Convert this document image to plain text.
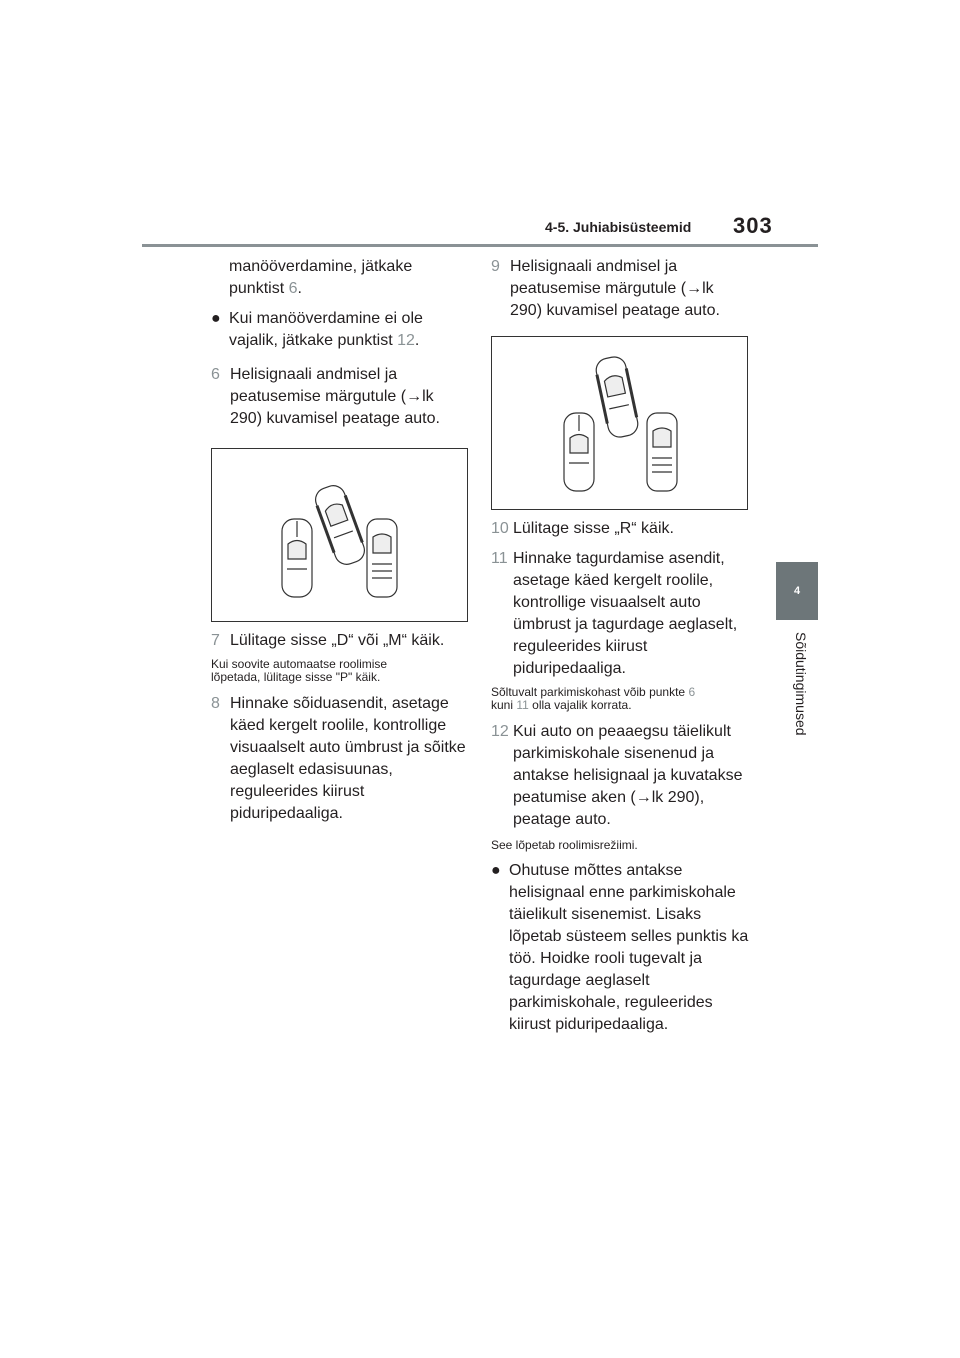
4-5. Juhiabisüsteemid 303
4
Sõidutingimused
manööverdamine, jätkake
punktist 6.
● Kui manööverdamine ei ole vajalik, jätkake punktist 12.
6 Helisignaali andmisel ja peatusemise märgutule (→lk 290) kuvamisel peatage auto.
7 Lülitage sisse „D“ või „M“ käik.
Kui soovite automaatse roolimise lõpetada, lülitage sisse "P" käik.
8 Hinnake sõiduasendit, asetage käed kergelt roolile, kontrollige visuaalselt auto ümbrust ja sõitke aeglaselt edasisuunas, reguleerides kiirust piduripedaaliga.
9 Helisignaali andmisel ja peatusemise märgutule (→lk 290) kuvamisel peatage auto.
10 Lülitage sisse „R“ käik.
11 Hinnake tagurdamise asendit, asetage käed kergelt roolile, kontrollige visuaalselt auto ümbrust ja tagurdage aeglaselt, reguleerides kiirust piduripedaaliga.
Sõltuvalt parkimiskohast võib punkte 6
kuni 11 olla vajalik korrata.
12 Kui auto on peaaegsu täielikult parkimiskohale sisenenud ja antakse helisignaal ja kuvatakse peatumise aken (→lk 290), peatage auto.
See lõpetab roolimisrežiimi.
● Ohutuse mõttes antakse helisignaal enne parkimiskohale täielikult sisenemist. Lisaks lõpetab süsteem selles punktis ka töö. Hoidke rooli tugevalt ja tagurdage aeglaselt parkimiskohale, reguleerides kiirust piduripedaaliga.
